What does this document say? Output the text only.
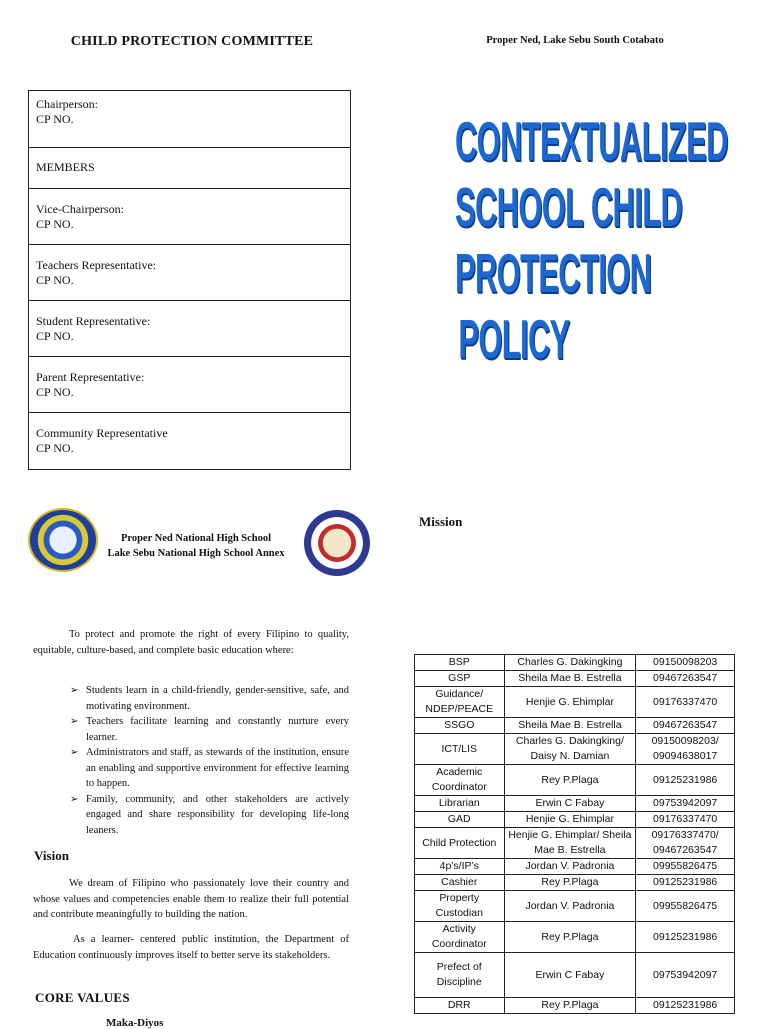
CHILD PROTECTION COMMITTEE	Proper Ned, Lake Sebu South Cotabato
Chairperson:
CP NO.
MEMBERS
Vice-Chairperson:
CP NO.
Teachers Representative:
CP NO.
Student Representative:
CP NO.
Parent Representative:
CP NO.
Community Representative
CP NO.
CONTEXTUALIZED
SCHOOL CHILD
PROTECTION
POLICY
Proper Ned National High School
Lake Sebu National High School Annex
Mission
To protect and promote the right of every Filipino to quality, equitable, culture-based, and complete basic education where:
➢ Students learn in a child-friendly, gender-sensitive, safe, and motivating environment.
➢ Teachers facilitate learning and constantly nurture every learner.
➢ Administrators and staff, as stewards of the institution, ensure an enabling and supportive environment for effective learning to happen.
➢ Family, community, and other stakeholders are actively engaged and share responsibility for developing life-long leaners.
Vision
We dream of Filipino who passionately love their country and whose values and competencies enable them to realize their full potential and contribute meaningfully to building the nation.
As a learner- centered public institution, the Department of Education continuously improves itself to better serve its stakeholders.
CORE VALUES
Maka-Diyos
BSP	Charles G. Dakingking	09150098203
GSP	Sheila Mae B. Estrella	09467263547
Guidance/ NDEP/PEACE	Henjie G. Ehimplar	09176337470
SSGO	Sheila Mae B. Estrella	09467263547
ICT/LIS	Charles G. Dakingking/ Daisy N. Damian	09150098203/ 09094638017
Academic Coordinator	Rey P.Plaga	09125231986
Librarian	Erwin C Fabay	09753942097
GAD	Henjie G. Ehimplar	09176337470
Child Protection	Henjie G. Ehimplar/ Sheila Mae B. Estrella	09176337470/ 09467263547
4p’s/IP’s	Jordan V. Padronia	09955826475
Cashier	Rey P.Plaga	09125231986
Property Custodian	Jordan V. Padronia	09955826475
Activity Coordinator	Rey P.Plaga	09125231986
Prefect of Discipline	Erwin C Fabay	09753942097
DRR	Rey P.Plaga	09125231986
